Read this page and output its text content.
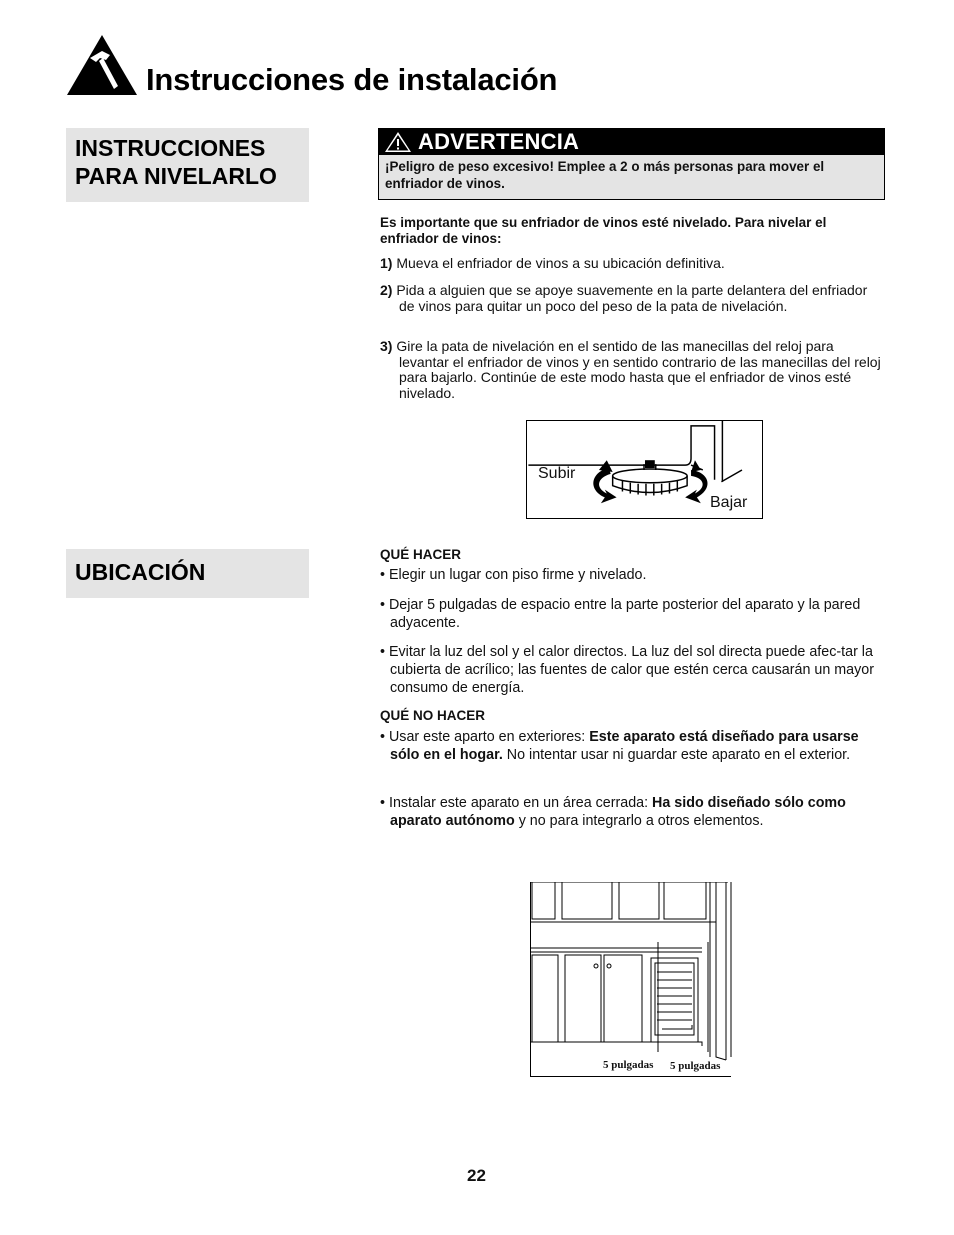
Instrucciones de instalación
INSTRUCCIONES PARA NIVELARLO
UBICACIÓN
ADVERTENCIA
¡Peligro de peso excesivo! Emplee a 2 o más personas para mover el enfriador de vinos.
Es importante que su enfriador de vinos esté nivelado. Para nivelar el enfriador de vinos:
1) Mueva el enfriador de vinos a su ubicación definitiva.
2) Pida a alguien que se apoye suavemente en la parte delantera del enfriador de vinos para quitar un poco del peso de la pata de nivelación.
3) Gire la pata de nivelación en el sentido de las manecillas del reloj para levantar el enfriador de vinos y en sentido contrario de las manecillas del reloj para bajarlo. Continúe de este modo hasta que el enfriador de vinos esté nivelado.
Subir
Bajar
QUÉ HACER
• Elegir un lugar con piso firme y nivelado.
• Dejar 5 pulgadas de espacio entre la parte posterior del aparato y la pared adyacente.
• Evitar la luz del sol y el calor directos. La luz del sol directa puede afec-tar la cubierta de acrílico; las fuentes de calor que estén cerca causarán un mayor consumo de energía.
QUÉ NO HACER
• Usar este aparto en exteriores: Este aparato está diseñado para usarse sólo en el hogar. No intentar usar ni guardar este aparato en el exterior.
• Instalar este aparato en un área cerrada: Ha sido diseñado sólo como aparato autónomo y no para integrarlo a otros elementos.
5 pulgadas 5 pulgadas
22
